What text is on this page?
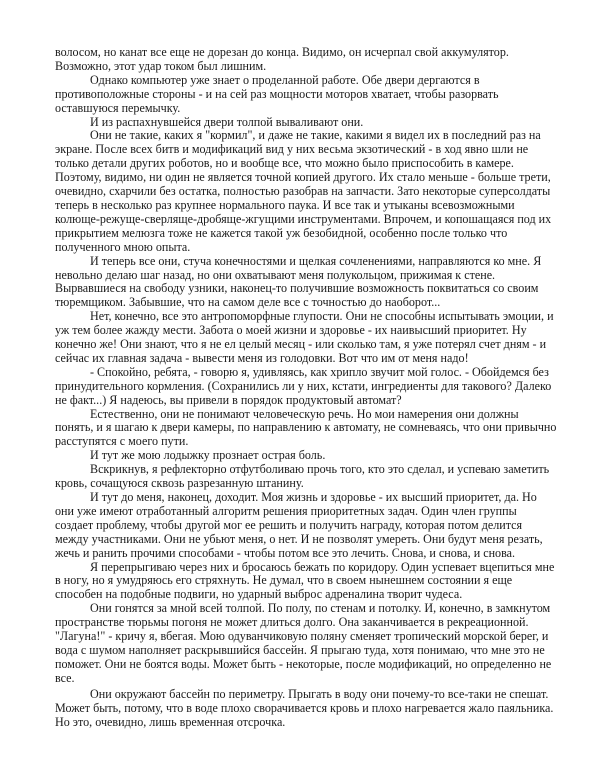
волосом, но канат все еще не дорезан до конца. Видимо, он исчерпал свой аккумулятор.
Возможно, этот удар током был лишним.

Однако компьютер уже знает о проделанной работе. Обе двери дергаются в
противоположные стороны - и на сей раз мощности моторов хватает, чтобы разорвать
оставшуюся перемычку.

И из распахнувшейся двери толпой вываливают они.

Они не такие, каких я "кормил", и даже не такие, какими я видел их в последний раз на
экране. После всех битв и модификаций вид у них весьма экзотический - в ход явно шли не
только детали других роботов, но и вообще все, что можно было приспособить в камере.
Поэтому, видимо, ни один не является точной копией другого. Их стало меньше - больше трети,
очевидно, схарчили без остатка, полностью разобрав на запчасти. Зато некоторые суперсолдаты
теперь в несколько раз крупнее нормального паука. И все так и утыканы всевозможными
колюще-режуще-сверляще-дробяще-жгущими инструментами. Впрочем, и копошащаяся под их
прикрытием мелюзга тоже не кажется такой уж безобидной, особенно после только что
полученного мною опыта.

И теперь все они, стуча конечностями и щелкая сочленениями, направляются ко мне. Я
невольно делаю шаг назад, но они охватывают меня полукольцом, прижимая к стене.
Вырвавшиеся на свободу узники, наконец-то получившие возможность поквитаться со своим
тюремщиком. Забывшие, что на самом деле все с точностью до наоборот...

Нет, конечно, все это антропоморфные глупости. Они не способны испытывать эмоции, и
уж тем более жажду мести. Забота о моей жизни и здоровье - их наивысший приоритет. Ну
конечно же! Они знают, что я не ел целый месяц - или сколько там, я уже потерял счет дням - и
сейчас их главная задача - вывести меня из голодовки. Вот что им от меня надо!

- Спокойно, ребята, - говорю я, удивляясь, как хрипло звучит мой голос. - Обойдемся без
принудительного кормления. (Сохранились ли у них, кстати, ингредиенты для такового? Далеко
не факт...) Я надеюсь, вы привели в порядок продуктовый автомат?

Естественно, они не понимают человеческую речь. Но мои намерения они должны
понять, и я шагаю к двери камеры, по направлению к автомату, не сомневаясь, что они привычно
расступятся с моего пути.

И тут же мою лодыжку прознает острая боль.

Вскрикнув, я рефлекторно отфутболиваю прочь того, кто это сделал, и успеваю заметить
кровь, сочащуюся сквозь разрезанную штанину.

И тут до меня, наконец, доходит. Моя жизнь и здоровье - их высший приоритет, да. Но
они уже имеют отработанный алгоритм решения приоритетных задач. Один член группы
создает проблему, чтобы другой мог ее решить и получить награду, которая потом делится
между участниками. Они не убьют меня, о нет. И не позволят умереть. Они будут меня резать,
жечь и ранить прочими способами - чтобы потом все это лечить. Снова, и снова, и снова.

Я перепрыгиваю через них и бросаюсь бежать по коридору. Один успевает вцепиться мне
в ногу, но я умудряюсь его стряхнуть. Не думал, что в своем нынешнем состоянии я еще
способен на подобные подвиги, но ударный выброс адреналина творит чудеса.

Они гонятся за мной всей толпой. По полу, по стенам и потолку. И, конечно, в замкнутом
пространстве тюрьмы погоня не может длиться долго. Она заканчивается в рекреационной.
"Лагуна!" - кричу я, вбегая. Мою одуванчиковую поляну сменяет тропический морской берег, и
вода с шумом наполняет раскрывшийся бассейн. Я прыгаю туда, хотя понимаю, что мне это не
поможет. Они не боятся воды. Может быть - некоторые, после модификаций, но определенно не
все.

Они окружают бассейн по периметру. Прыгать в воду они почему-то все-таки не спешат.
Может быть, потому, что в воде плохо сворачивается кровь и плохо нагревается жало паяльника.
Но это, очевидно, лишь временная отсрочка.
